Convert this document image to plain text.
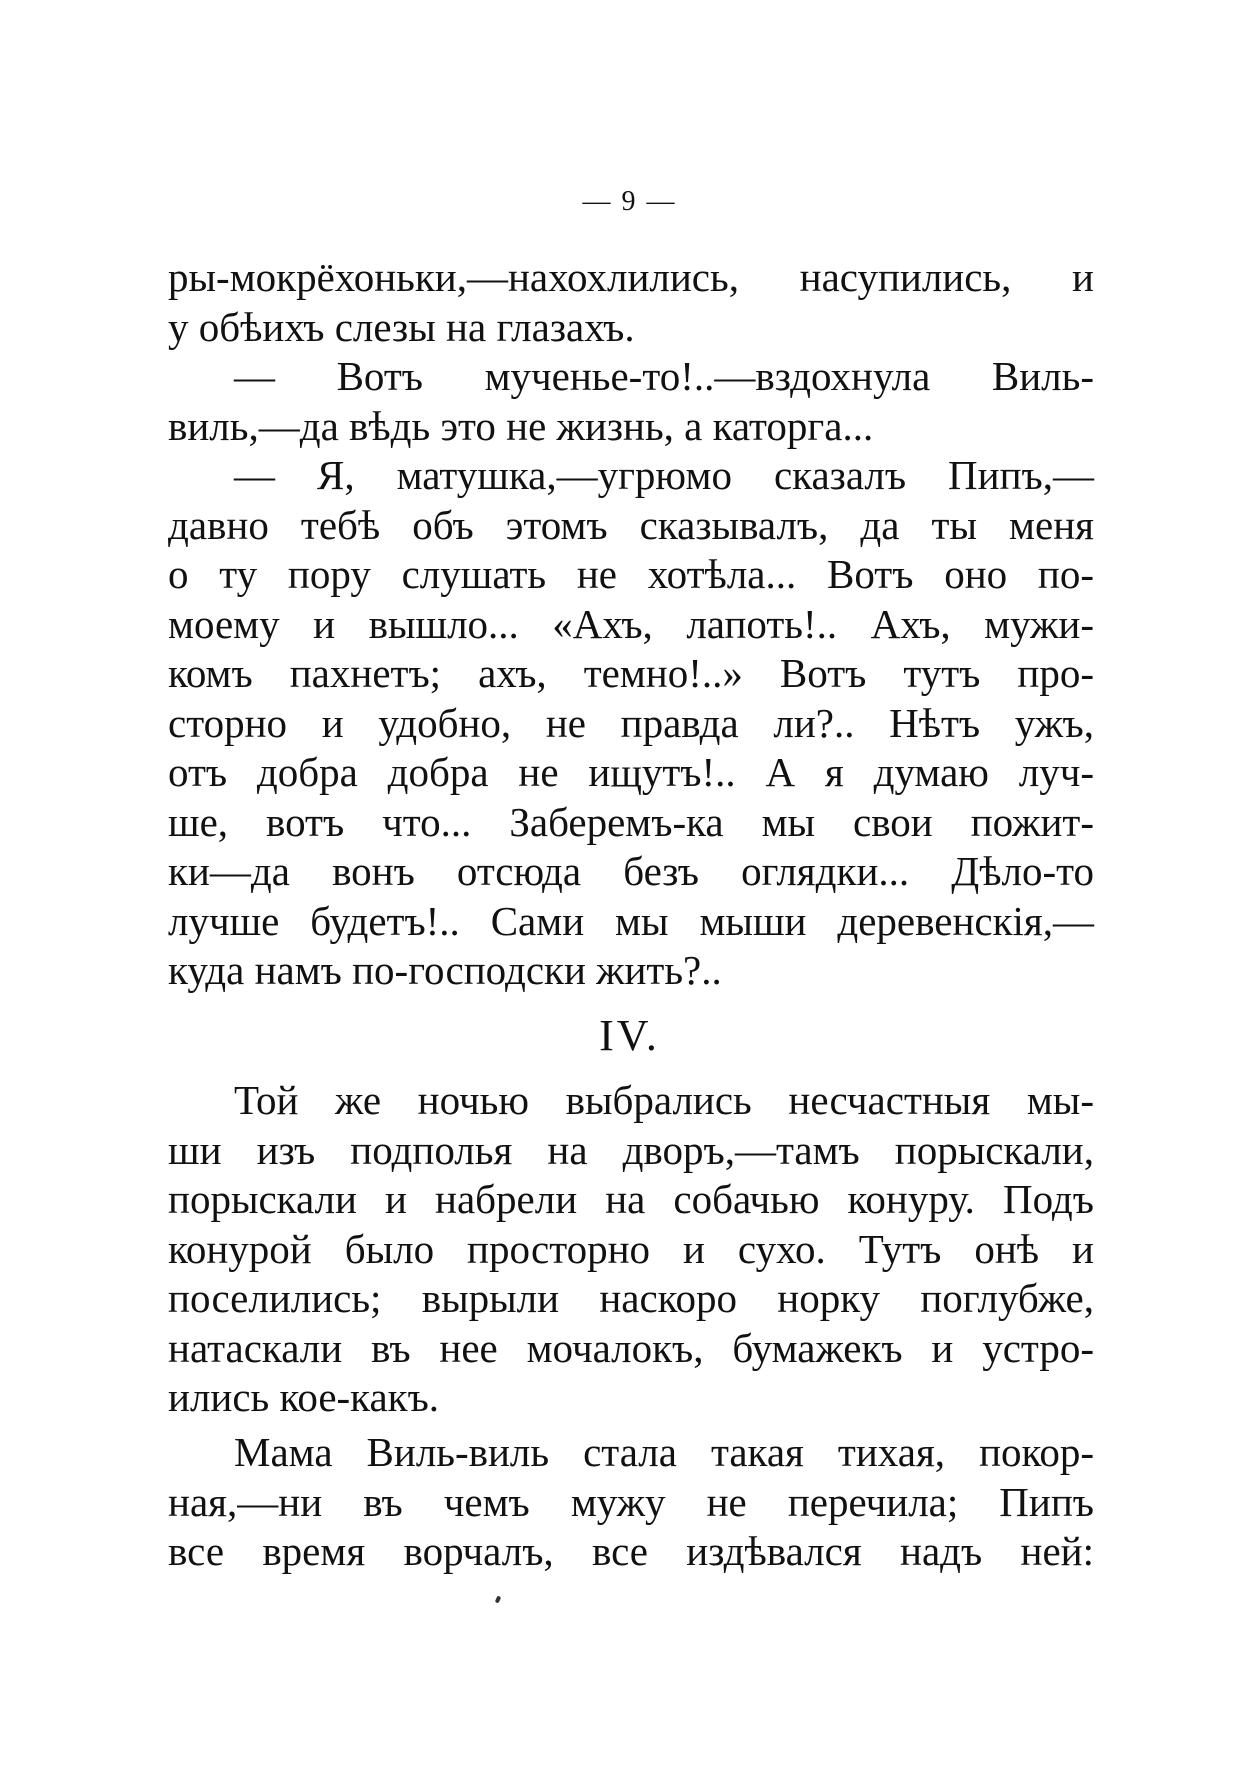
— 9 —
ры-мокрёхоньки,—нахохлились, насупились, и
у обѣихъ слезы на глазахъ.
— Вотъ мученье-то!..—вздохнула Виль-
виль,—да вѣдь это не жизнь, а каторга...
— Я, матушка,—угрюмо сказалъ Пипъ,—
давно тебѣ объ этомъ сказывалъ, да ты меня
о ту пору слушать не хотѣла... Вотъ оно по-
моему и вышло... «Ахъ, лапоть!.. Ахъ, мужи-
комъ пахнетъ; ахъ, темно!..» Вотъ тутъ про-
сторно и удобно, не правда ли?.. Нѣтъ ужъ,
отъ добра добра не ищутъ!.. А я думаю луч-
ше, вотъ что... Заберемъ-ка мы свои пожит-
ки—да вонъ отсюда безъ оглядки... Дѣло-то
лучше будетъ!.. Сами мы мыши деревенскія,—
куда намъ по-господски жить?..
IV.
Той же ночью выбрались несчастныя мы-
ши изъ подполья на дворъ,—тамъ порыскали,
порыскали и набрели на собачью конуру. Подъ
конурой было просторно и сухо. Тутъ онѣ и
поселились; вырыли наскоро норку поглубже,
натаскали въ нее мочалокъ, бумажекъ и устро-
ились кое-какъ.
Мама Виль-виль стала такая тихая, покор-
ная,—ни въ чемъ мужу не перечила; Пипъ
все время ворчалъ, все издѣвался надъ ней:
